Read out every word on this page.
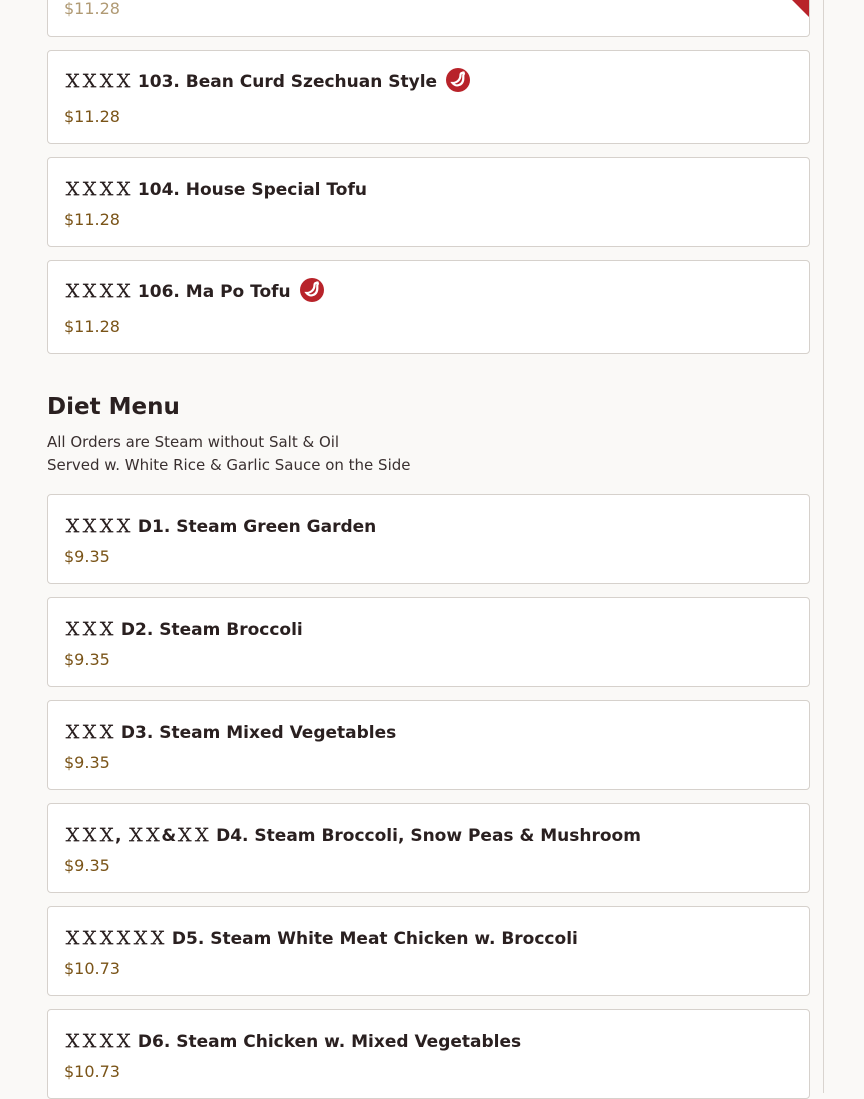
$11.28
ＸＸＸＸ 103. Bean Curd Szechuan Style
$11.28
ＸＸＸＸ 104. House Special Tofu
$11.28
ＸＸＸＸ 106. Ma Po Tofu
$11.28
Diet Menu
All Orders are Steam without Salt & Oil
Served w. White Rice & Garlic Sauce on the Side
ＸＸＸＸ D1. Steam Green Garden
$9.35
ＸＸＸ D2. Steam Broccoli
$9.35
ＸＸＸ D3. Steam Mixed Vegetables
$9.35
ＸＸＸ, ＸＸ&ＸＸ D4. Steam Broccoli, Snow Peas & Mushroom
$9.35
ＸＸＸＸＸＸ D5. Steam White Meat Chicken w. Broccoli
$10.73
ＸＸＸＸ D6. Steam Chicken w. Mixed Vegetables
$10.73
